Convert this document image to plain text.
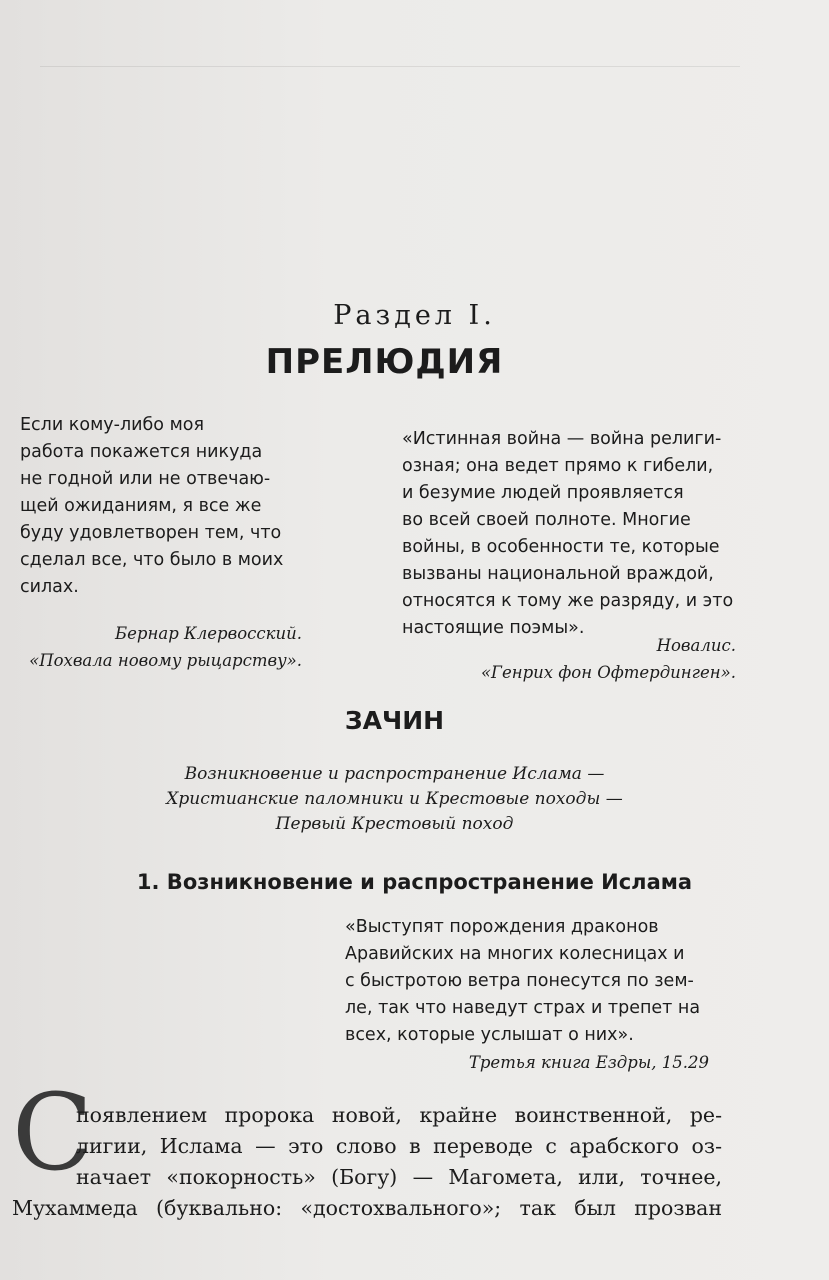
Раздел I.
ПРЕЛЮДИЯ
Если кому-либо моя
работа покажется никуда
не годной или не отвечаю-
щей ожиданиям, я все же
буду удовлетворен тем, что
сделал все, что было в моих
силах.
Бернар Клервосский.
«Похвала новому рыцарству».
«Истинная война — война религи-
озная; она ведет прямо к гибели,
и безумие людей проявляется
во всей своей полноте. Многие
войны, в особенности те, которые
вызваны национальной враждой,
относятся к тому же разряду, и это
настоящие поэмы».
Новалис.
«Генрих фон Офтердинген».
ЗАЧИН
Возникновение и распространение Ислама —
Христианские паломники и Крестовые походы —
Первый Крестовый поход
1. Возникновение и распространение Ислама
«Выступят порождения драконов
Аравийских на многих колесницах и
с быстротою ветра понесутся по зем-
ле, так что наведут страх и трепет на
всех, которые услышат о них».
Третья книга Ездры, 15.29
С
появлением пророка новой, крайне воинственной, ре-
лигии, Ислама — это слово в переводе с арабского оз-
начает «покорность» (Богу) — Магомета, или, точнее,
Мухаммеда (буквально: «достохвального»; так был прозван
